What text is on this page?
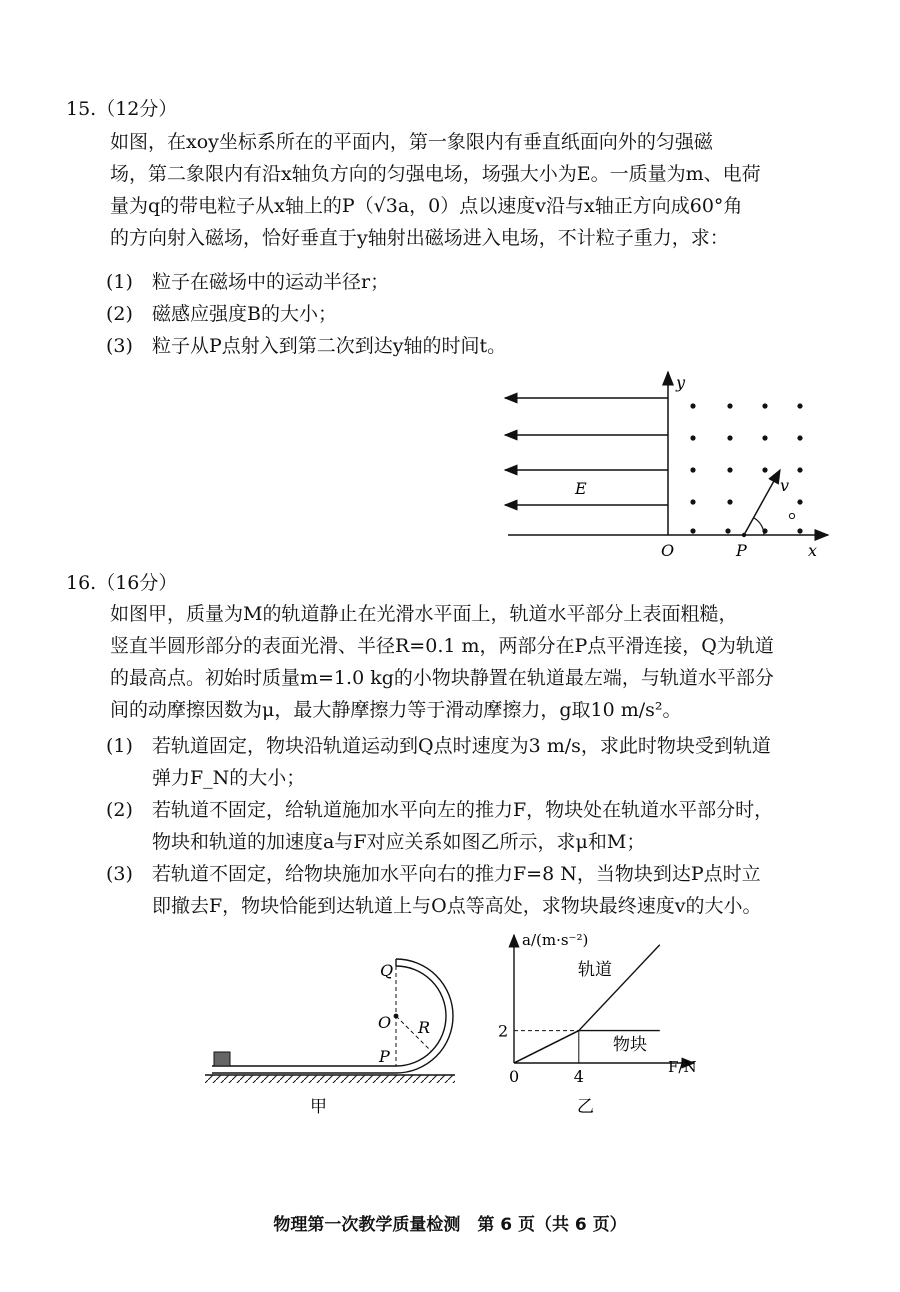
15.（12分）

如图，在xoy坐标系所在的平面内，第一象限内有垂直纸面向外的匀强磁
场，第二象限内有沿x轴负方向的匀强电场，场强大小为E。一质量为m、电荷
量为q的带电粒子从x轴上的P（√3a，0）点以速度v沿与x轴正方向成60°角
的方向射入磁场，恰好垂直于y轴射出磁场进入电场，不计粒子重力，求：

(1) 粒子在磁场中的运动半径r；
(2) 磁感应强度B的大小；
(3) 粒子从P点射入到第二次到达y轴的时间t。
y
x
O	P
E	v
16.（16分）

如图甲，质量为M的轨道静止在光滑水平面上，轨道水平部分上表面粗糙，
竖直半圆形部分的表面光滑、半径R=0.1 m，两部分在P点平滑连接，Q为轨道
的最高点。初始时质量m=1.0 kg的小物块静置在轨道最左端，与轨道水平部分
间的动摩擦因数为μ，最大静摩擦力等于滑动摩擦力，g取10 m/s²。

(1) 若轨道固定，物块沿轨道运动到Q点时速度为3 m/s，求此时物块受到轨道
弹力F_N的大小；
(2) 若轨道不固定，给轨道施加水平向左的推力F，物块处在轨道水平部分时，
物块和轨道的加速度a与F对应关系如图乙所示，求μ和M；
(3) 若轨道不固定，给物块施加水平向右的推力F=8 N，当物块到达P点时立
即撤去F，物块恰能到达轨道上与O点等高处，求物块最终速度v的大小。
Q
O R
P
甲
a/(m·s⁻²)
F/N
0
2
4
轨道
物块
乙
物理第一次教学质量检测　第 6 页（共 6 页）
